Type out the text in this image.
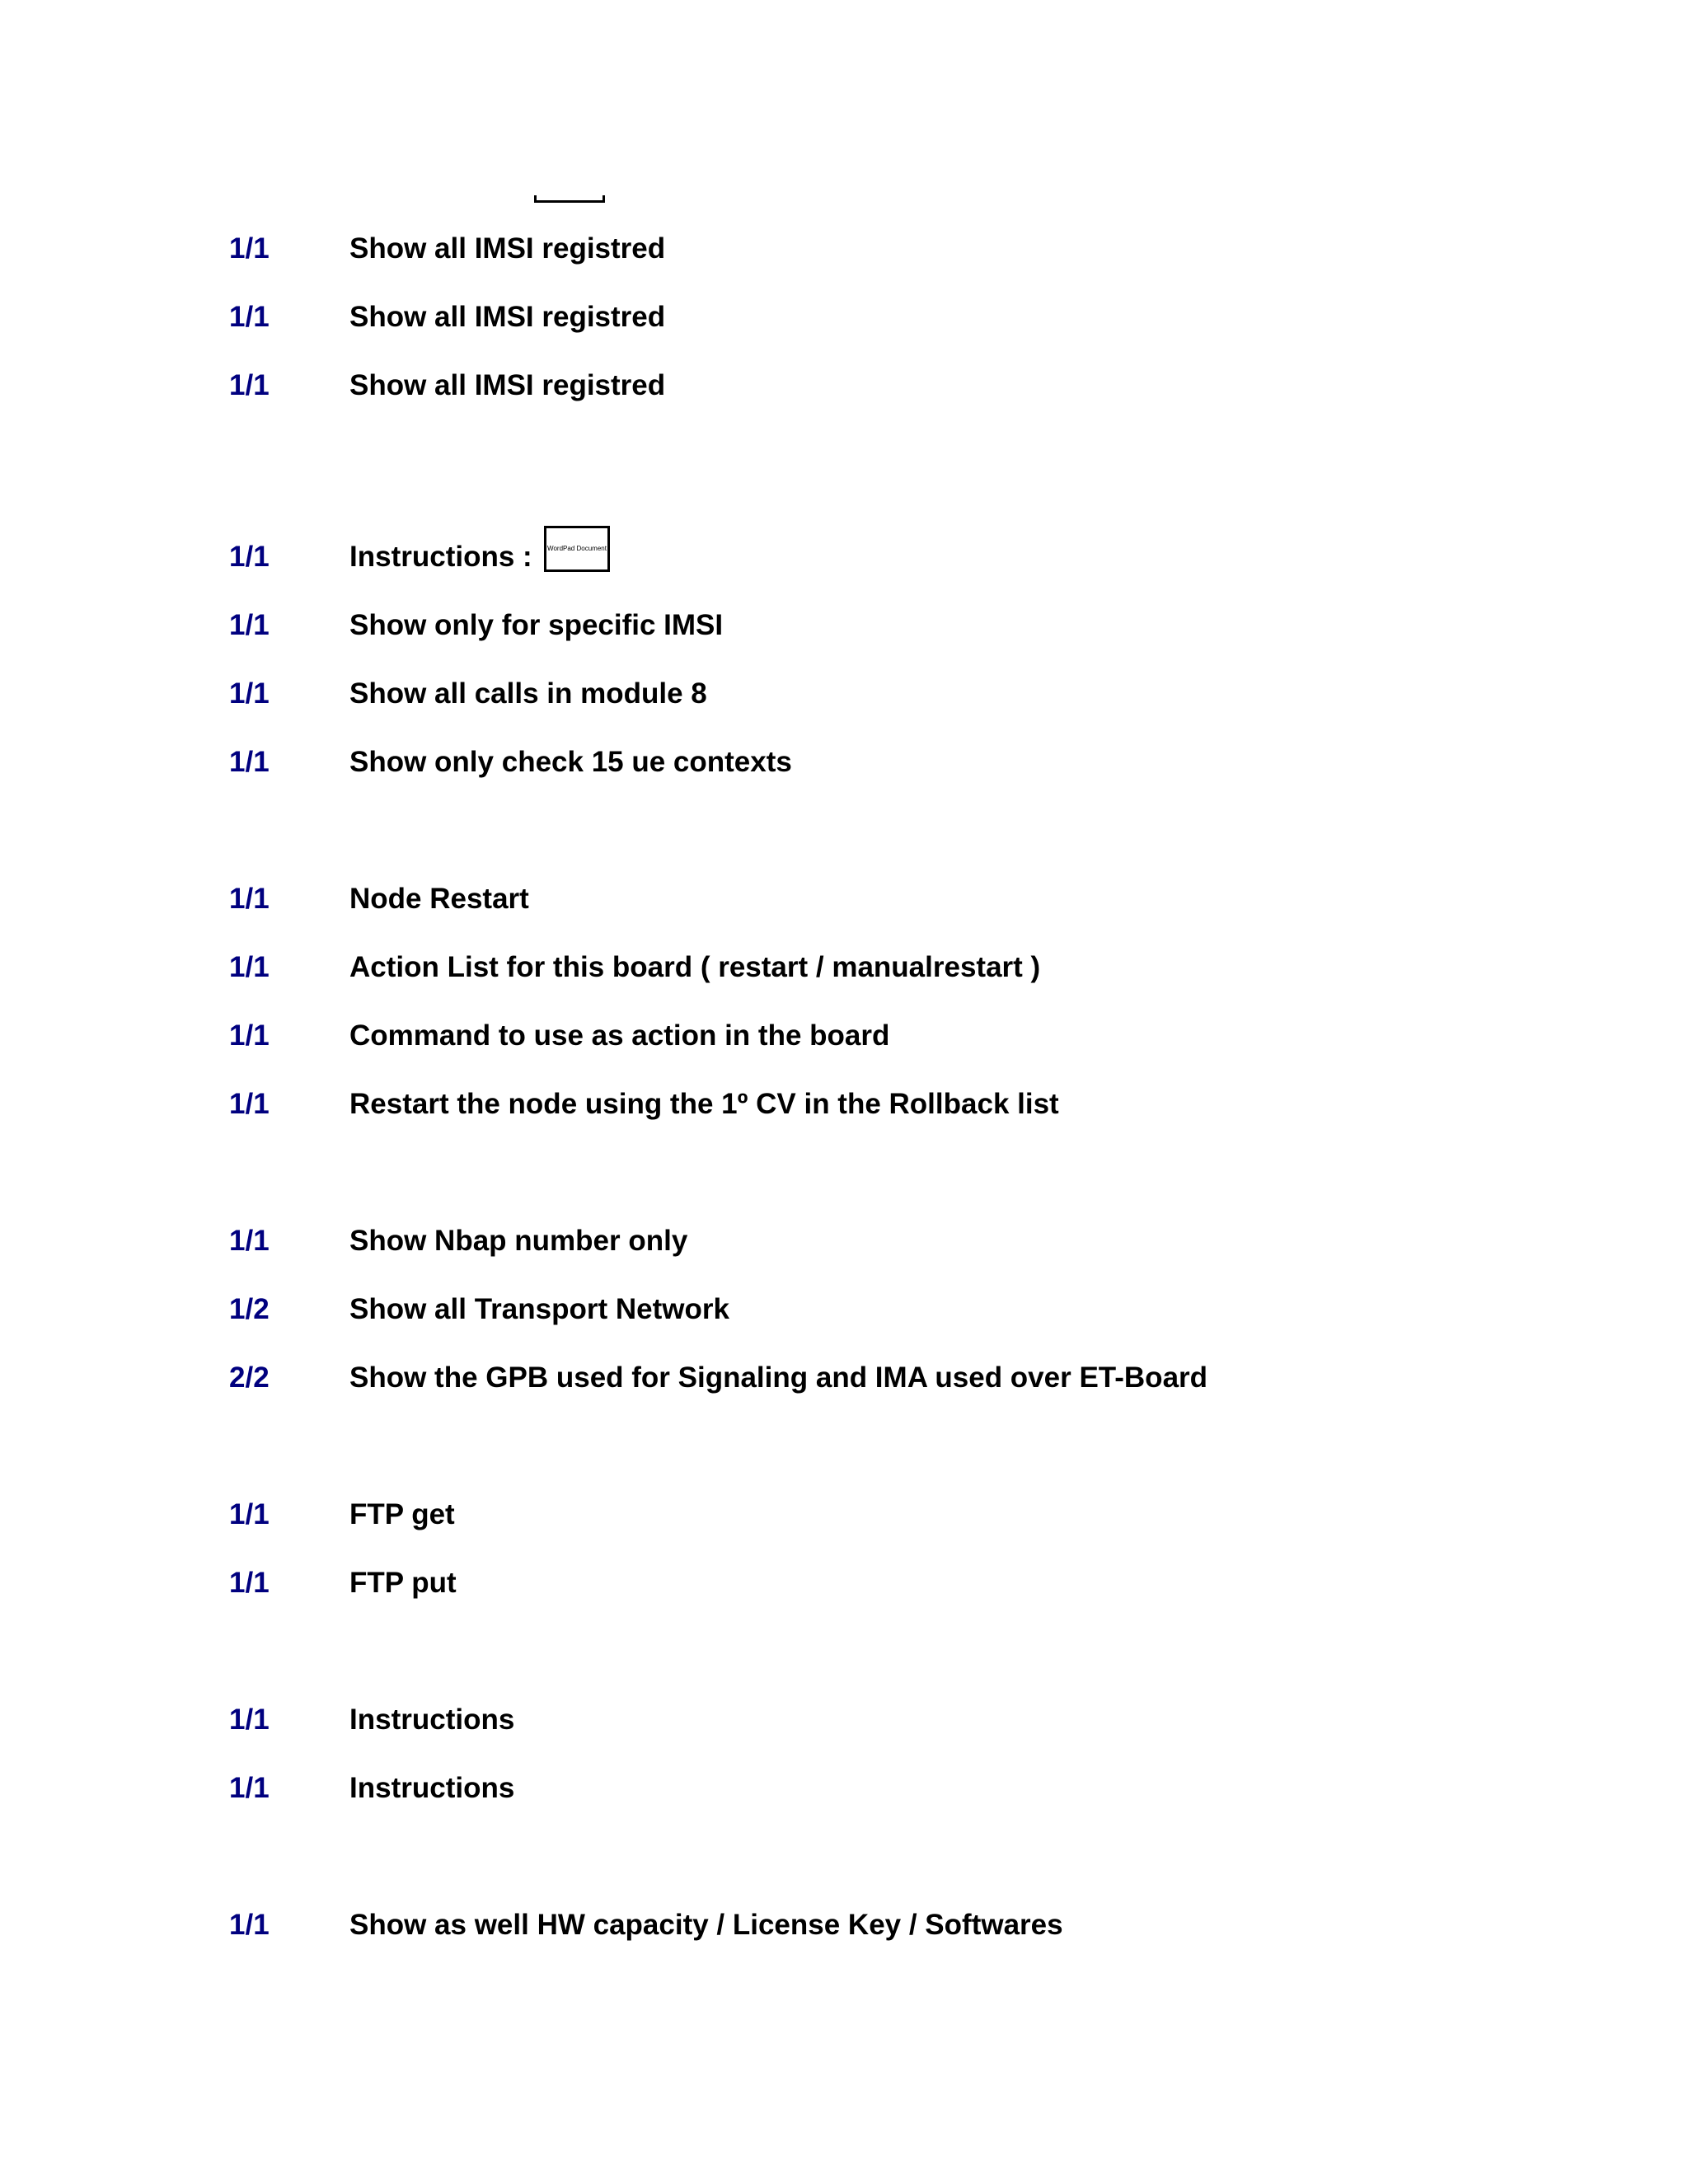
1/1	Show all IMSI registred
1/1	Show all IMSI registred
1/1	Show all IMSI registred
1/1	Instructions : WordPad Document
1/1	Show only for specific IMSI
1/1	Show all calls in module 8
1/1	Show only check 15 ue contexts
1/1	Node Restart
1/1	Action List for this board ( restart / manualrestart )
1/1	Command to use as action in the board
1/1	Restart the node using the 1º CV in the Rollback list
1/1	Show Nbap number only
1/2	Show all Transport Network
2/2	Show the GPB used for Signaling and IMA used over ET-Board
1/1	FTP get
1/1	FTP put
1/1	Instructions
1/1	Instructions
1/1	Show as well HW capacity / License Key / Softwares
